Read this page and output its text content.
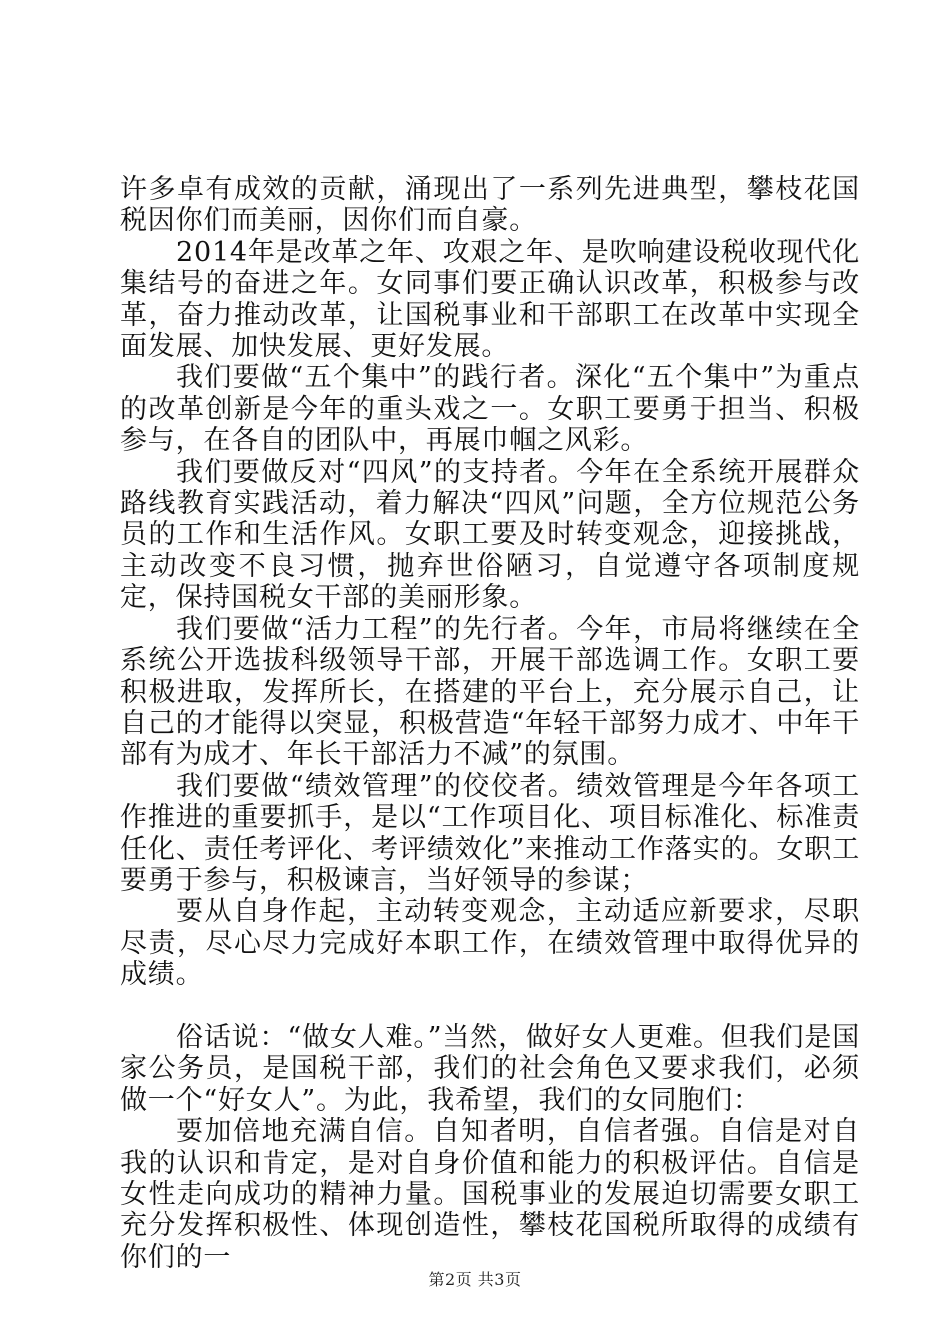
许多卓有成效的贡献，涌现出了一系列先进典型，攀枝花国税因你们而美丽，因你们而自豪。

2014年是改革之年、攻艰之年、是吹响建设税收现代化集结号的奋进之年。女同事们要正确认识改革，积极参与改革，奋力推动改革，让国税事业和干部职工在改革中实现全面发展、加快发展、更好发展。

我们要做“五个集中”的践行者。深化“五个集中”为重点的改革创新是今年的重头戏之一。女职工要勇于担当、积极参与，在各自的团队中，再展巾帼之风彩。

我们要做反对“四风”的支持者。今年在全系统开展群众路线教育实践活动，着力解决“四风”问题，全方位规范公务员的工作和生活作风。女职工要及时转变观念，迎接挑战，主动改变不良习惯，抛弃世俗陋习，自觉遵守各项制度规定，保持国税女干部的美丽形象。

我们要做“活力工程”的先行者。今年，市局将继续在全系统公开选拔科级领导干部，开展干部选调工作。女职工要积极进取，发挥所长，在搭建的平台上，充分展示自己，让自己的才能得以突显，积极营造“年轻干部努力成才、中年干部有为成才、年长干部活力不减”的氛围。

我们要做“绩效管理”的佼佼者。绩效管理是今年各项工作推进的重要抓手，是以“工作项目化、项目标准化、标准责任化、责任考评化、考评绩效化”来推动工作落实的。女职工要勇于参与，积极谏言，当好领导的参谋；

要从自身作起，主动转变观念，主动适应新要求，尽职尽责，尽心尽力完成好本职工作，在绩效管理中取得优异的成绩。

俗话说：“做女人难。”当然，做好女人更难。但我们是国家公务员，是国税干部，我们的社会角色又要求我们，必须做一个“好女人”。为此，我希望，我们的女同胞们：

要加倍地充满自信。自知者明，自信者强。自信是对自我的认识和肯定，是对自身价值和能力的积极评估。自信是女性走向成功的精神力量。国税事业的发展迫切需要女职工充分发挥积极性、体现创造性，攀枝花国税所取得的成绩有你们的一

第2页 共3页
